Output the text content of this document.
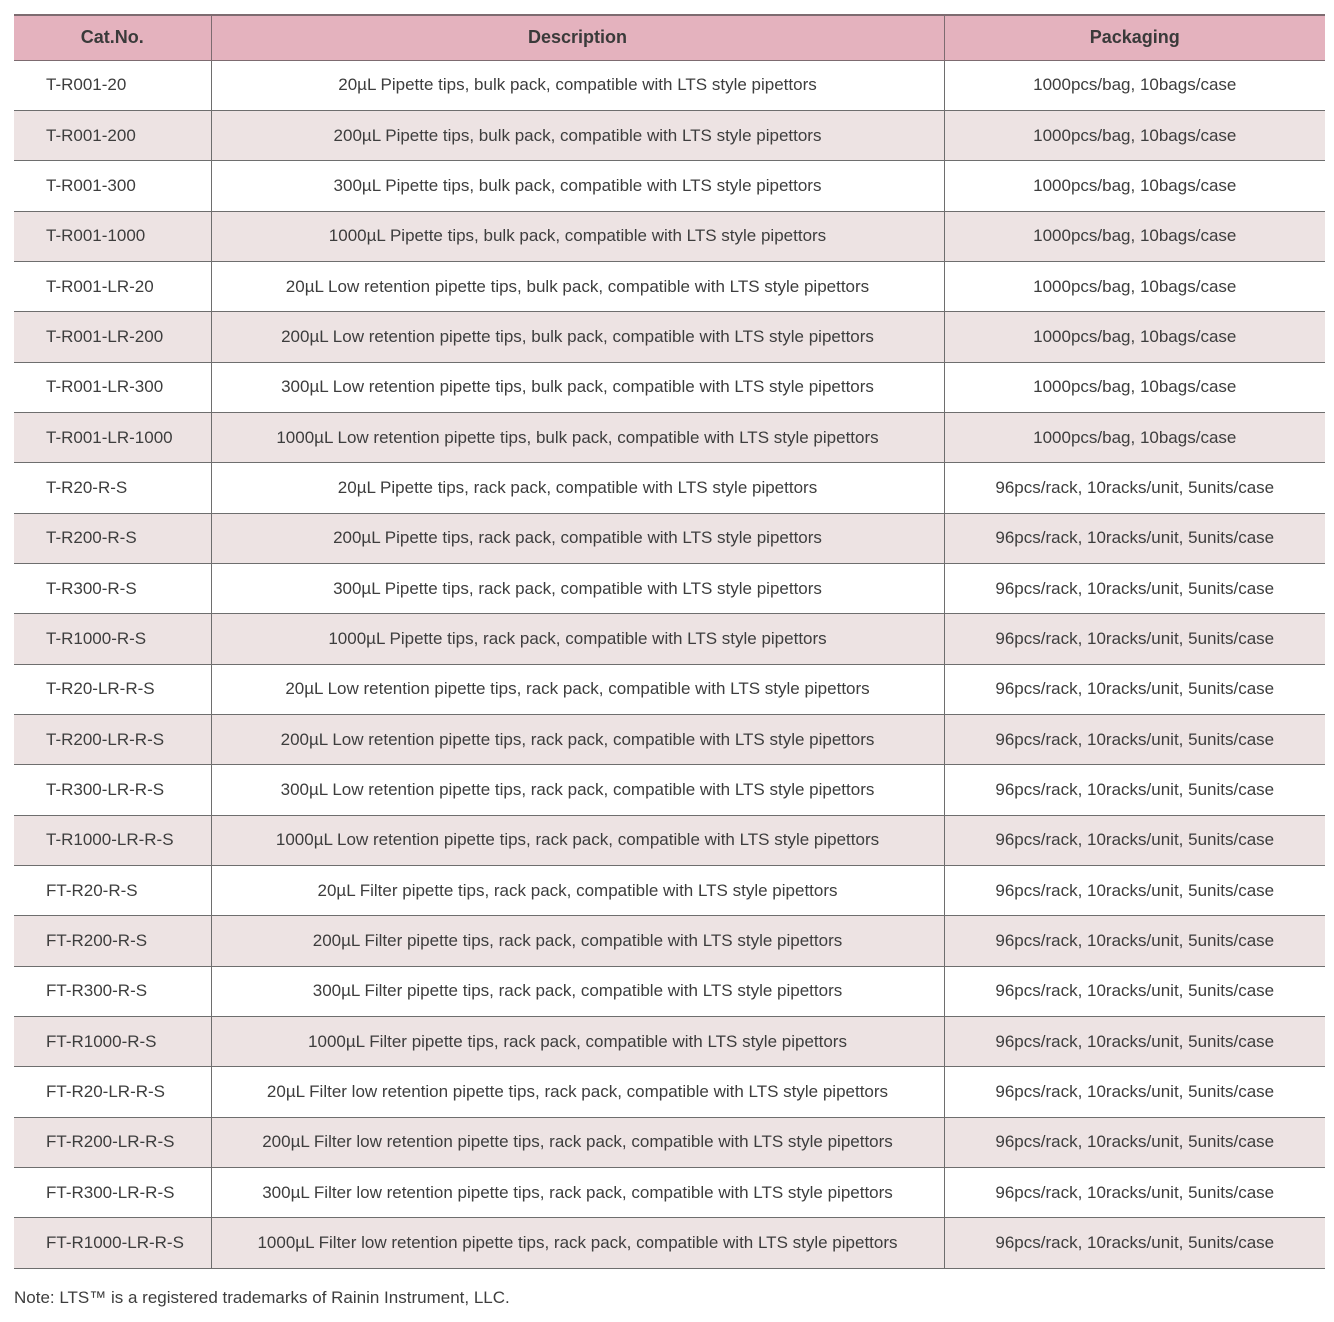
Cat.No.	Description	Packaging
T-R001-20	20µL Pipette tips, bulk pack, compatible with LTS style pipettors	1000pcs/bag, 10bags/case
T-R001-200	200µL Pipette tips, bulk pack, compatible with LTS style pipettors	1000pcs/bag, 10bags/case
T-R001-300	300µL Pipette tips, bulk pack, compatible with LTS style pipettors	1000pcs/bag, 10bags/case
T-R001-1000	1000µL Pipette tips, bulk pack, compatible with LTS style pipettors	1000pcs/bag, 10bags/case
T-R001-LR-20	20µL Low retention pipette tips, bulk pack, compatible with LTS style pipettors	1000pcs/bag, 10bags/case
T-R001-LR-200	200µL Low retention pipette tips, bulk pack, compatible with LTS style pipettors	1000pcs/bag, 10bags/case
T-R001-LR-300	300µL Low retention pipette tips, bulk pack, compatible with LTS style pipettors	1000pcs/bag, 10bags/case
T-R001-LR-1000	1000µL Low retention pipette tips, bulk pack, compatible with LTS style pipettors	1000pcs/bag, 10bags/case
T-R20-R-S	20µL Pipette tips, rack pack, compatible with LTS style pipettors	96pcs/rack, 10racks/unit, 5units/case
T-R200-R-S	200µL Pipette tips, rack pack, compatible with LTS style pipettors	96pcs/rack, 10racks/unit, 5units/case
T-R300-R-S	300µL Pipette tips, rack pack, compatible with LTS style pipettors	96pcs/rack, 10racks/unit, 5units/case
T-R1000-R-S	1000µL Pipette tips, rack pack, compatible with LTS style pipettors	96pcs/rack, 10racks/unit, 5units/case
T-R20-LR-R-S	20µL Low retention pipette tips, rack pack, compatible with LTS style pipettors	96pcs/rack, 10racks/unit, 5units/case
T-R200-LR-R-S	200µL Low retention pipette tips, rack pack, compatible with LTS style pipettors	96pcs/rack, 10racks/unit, 5units/case
T-R300-LR-R-S	300µL Low retention pipette tips, rack pack, compatible with LTS style pipettors	96pcs/rack, 10racks/unit, 5units/case
T-R1000-LR-R-S	1000µL Low retention pipette tips, rack pack, compatible with LTS style pipettors	96pcs/rack, 10racks/unit, 5units/case
FT-R20-R-S	20µL Filter pipette tips, rack pack, compatible with LTS style pipettors	96pcs/rack, 10racks/unit, 5units/case
FT-R200-R-S	200µL Filter pipette tips, rack pack, compatible with LTS style pipettors	96pcs/rack, 10racks/unit, 5units/case
FT-R300-R-S	300µL Filter pipette tips, rack pack, compatible with LTS style pipettors	96pcs/rack, 10racks/unit, 5units/case
FT-R1000-R-S	1000µL Filter pipette tips, rack pack, compatible with LTS style pipettors	96pcs/rack, 10racks/unit, 5units/case
FT-R20-LR-R-S	20µL Filter low retention pipette tips, rack pack, compatible with LTS style pipettors	96pcs/rack, 10racks/unit, 5units/case
FT-R200-LR-R-S	200µL Filter low retention pipette tips, rack pack, compatible with LTS style pipettors	96pcs/rack, 10racks/unit, 5units/case
FT-R300-LR-R-S	300µL Filter low retention pipette tips, rack pack, compatible with LTS style pipettors	96pcs/rack, 10racks/unit, 5units/case
FT-R1000-LR-R-S	1000µL Filter low retention pipette tips, rack pack, compatible with LTS style pipettors	96pcs/rack, 10racks/unit, 5units/case
Note: LTS™ is a registered trademarks of Rainin Instrument, LLC.
